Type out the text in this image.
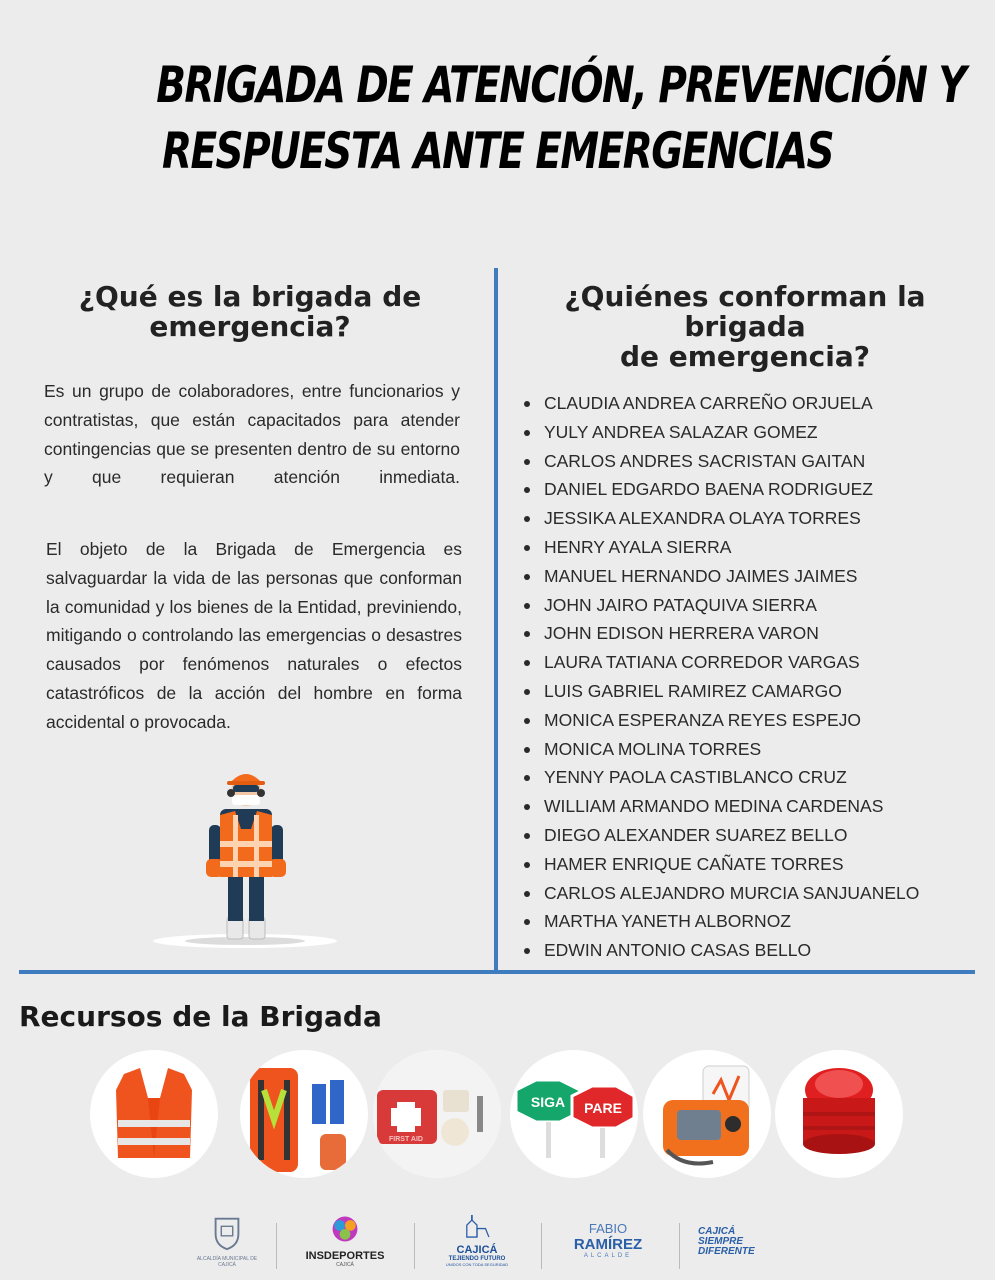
BRIGADA DE ATENCIÓN, PREVENCIÓN Y
RESPUESTA ANTE EMERGENCIAS
¿Qué es la brigada de emergencia?
Es un grupo de colaboradores, entre funcionarios y contratistas, que están capacitados para atender contingencias que se presenten dentro de su entorno y que requieran atención inmediata.
El objeto de la Brigada de Emergencia es salvaguardar la vida de las personas que conforman la comunidad y los bienes de la Entidad, previniendo, mitigando o controlando las emergencias o desastres causados por fenómenos naturales o efectos catastróficos de la acción del hombre en forma accidental o provocada.
¿Quiénes conforman la
brigada
de emergencia?
CLAUDIA ANDREA CARREÑO ORJUELA
YULY ANDREA SALAZAR GOMEZ
CARLOS ANDRES SACRISTAN GAITAN
DANIEL EDGARDO BAENA RODRIGUEZ
JESSIKA ALEXANDRA OLAYA TORRES
HENRY AYALA SIERRA
MANUEL HERNANDO JAIMES JAIMES
JOHN JAIRO PATAQUIVA SIERRA
JOHN EDISON HERRERA VARON
LAURA TATIANA CORREDOR VARGAS
LUIS GABRIEL RAMIREZ CAMARGO
MONICA ESPERANZA REYES ESPEJO
MONICA MOLINA TORRES
YENNY PAOLA CASTIBLANCO CRUZ
WILLIAM ARMANDO MEDINA CARDENAS
DIEGO ALEXANDER SUAREZ BELLO
HAMER ENRIQUE CAÑATE TORRES
CARLOS ALEJANDRO MURCIA SANJUANELO
MARTHA YANETH ALBORNOZ
EDWIN ANTONIO CASAS BELLO
Recursos de la Brigada
FIRST AID
SIGA PARE
ALCALDÍA MUNICIPAL DE CAJICÁ
INSDEPORTES
CAJICÁ
CAJICÁ
TEJIENDO FUTURO
UNIDOS CON TODA SEGURIDAD
FABIO
RAMÍREZ
ALCALDE
CAJICÁ
SIEMPRE
DIFERENTE
